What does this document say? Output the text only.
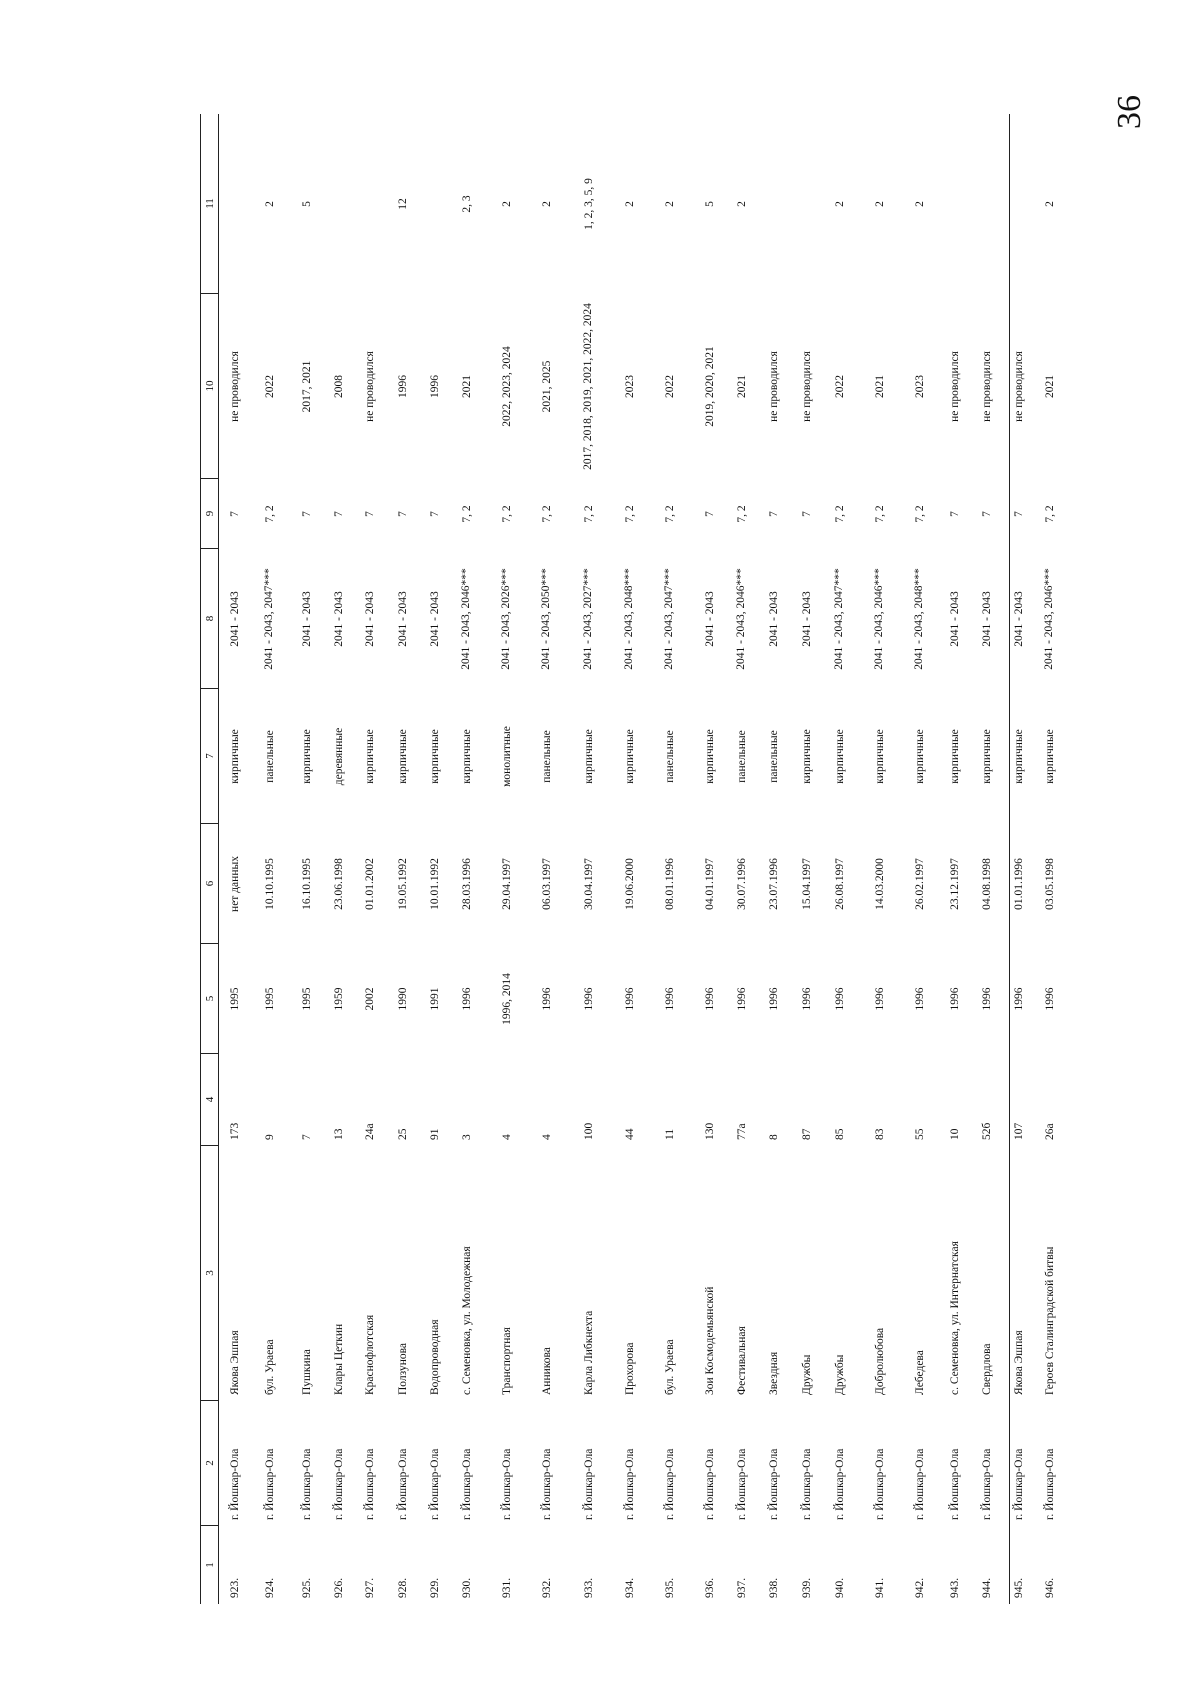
36
1
2
3
4
5
6
7
8
9
10
11
923.
г. Йошкар-Ола
Якова Эшпая
173
1995
нет данных
кирпичные
2041 - 2043
7
не проводился
924.
г. Йошкар-Ола
бул. Ураева
9
1995
10.10.1995
панельные
2041 - 2043, 2047***
7, 2
2022
2
925.
г. Йошкар-Ола
Пушкина
7
1995
16.10.1995
кирпичные
2041 - 2043
7
2017, 2021
5
926.
г. Йошкар-Ола
Клары Цеткин
13
1959
23.06.1998
деревянные
2041 - 2043
7
2008
927.
г. Йошкар-Ола
Краснофлотская
24а
2002
01.01.2002
кирпичные
2041 - 2043
7
не проводился
928.
г. Йошкар-Ола
Ползунова
25
1990
19.05.1992
кирпичные
2041 - 2043
7
1996
12
929.
г. Йошкар-Ола
Водопроводная
91
1991
10.01.1992
кирпичные
2041 - 2043
7
1996
930.
г. Йошкар-Ола
с. Семеновка, ул. Молодежная
3
1996
28.03.1996
кирпичные
2041 - 2043, 2046***
7, 2
2021
2, 3
931.
г. Йошкар-Ола
Транспортная
4
1996, 2014
29.04.1997
монолитные
2041 - 2043, 2026***
7, 2
2022, 2023, 2024
2
932.
г. Йошкар-Ола
Анникова
4
1996
06.03.1997
панельные
2041 - 2043, 2050***
7, 2
2021, 2025
2
933.
г. Йошкар-Ола
Карла Либкнехта
100
1996
30.04.1997
кирпичные
2041 - 2043, 2027***
7, 2
2017, 2018, 2019, 2021, 2022, 2024
1, 2, 3, 5, 9
934.
г. Йошкар-Ола
Прохорова
44
1996
19.06.2000
кирпичные
2041 - 2043, 2048***
7, 2
2023
2
935.
г. Йошкар-Ола
бул. Ураева
11
1996
08.01.1996
панельные
2041 - 2043, 2047***
7, 2
2022
2
936.
г. Йошкар-Ола
Зои Космодемьянской
130
1996
04.01.1997
кирпичные
2041 - 2043
7
2019, 2020, 2021
5
937.
г. Йошкар-Ола
Фестивальная
77а
1996
30.07.1996
панельные
2041 - 2043, 2046***
7, 2
2021
2
938.
г. Йошкар-Ола
Звездная
8
1996
23.07.1996
панельные
2041 - 2043
7
не проводился
939.
г. Йошкар-Ола
Дружбы
87
1996
15.04.1997
кирпичные
2041 - 2043
7
не проводился
940.
г. Йошкар-Ола
Дружбы
85
1996
26.08.1997
кирпичные
2041 - 2043, 2047***
7, 2
2022
2
941.
г. Йошкар-Ола
Добролюбова
83
1996
14.03.2000
кирпичные
2041 - 2043, 2046***
7, 2
2021
2
942.
г. Йошкар-Ола
Лебедева
55
1996
26.02.1997
кирпичные
2041 - 2043, 2048***
7, 2
2023
2
943.
г. Йошкар-Ола
с. Семеновка, ул. Интернатская
10
1996
23.12.1997
кирпичные
2041 - 2043
7
не проводился
944.
г. Йошкар-Ола
Свердлова
52б
1996
04.08.1998
кирпичные
2041 - 2043
7
не проводился
945.
г. Йошкар-Ола
Якова Эшпая
107
1996
01.01.1996
кирпичные
2041 - 2043
7
не проводился
946.
г. Йошкар-Ола
Героев Сталинградской битвы
26а
1996
03.05.1998
кирпичные
2041 - 2043, 2046***
7, 2
2021
2
